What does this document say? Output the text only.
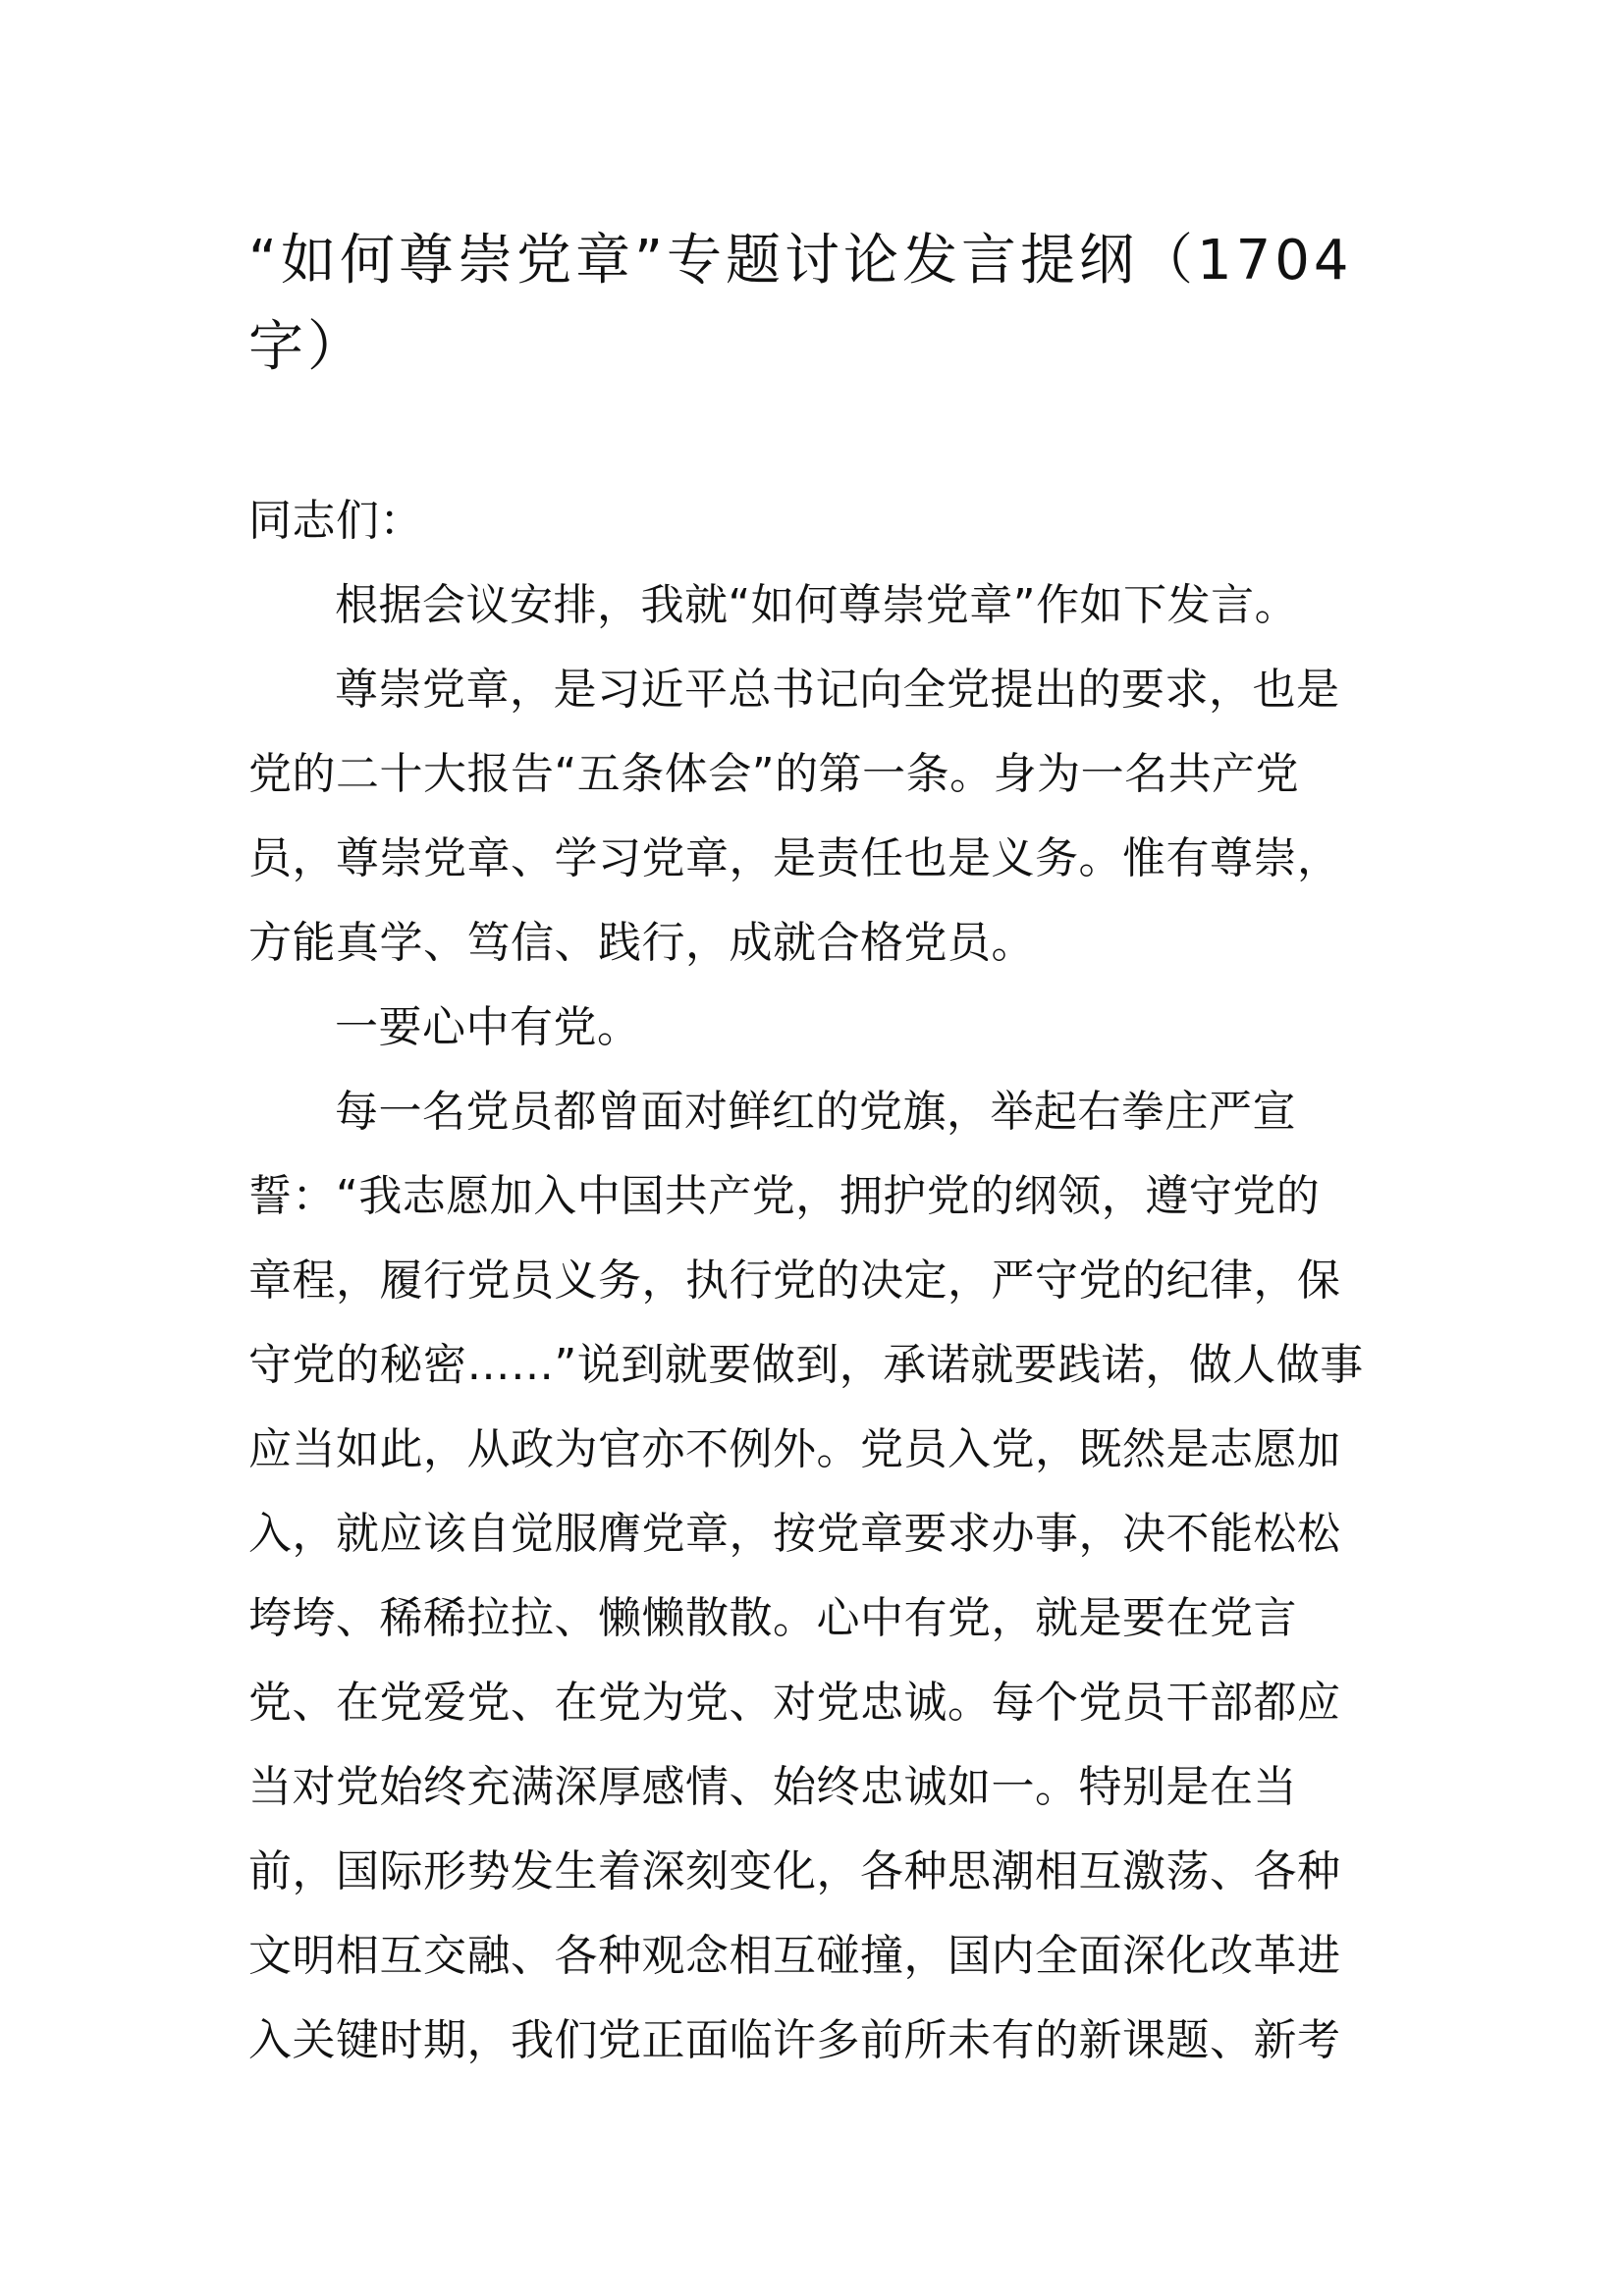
“如何尊崇党章”专题讨论发言提纲（1704
字）
同志们：
根据会议安排，我就“如何尊崇党章”作如下发言。
尊崇党章，是习近平总书记向全党提出的要求，也是
党的二十大报告“五条体会”的第一条。身为一名共产党
员，尊崇党章、学习党章，是责任也是义务。惟有尊崇，
方能真学、笃信、践行，成就合格党员。
一要心中有党。
每一名党员都曾面对鲜红的党旗，举起右拳庄严宣
誓：“我志愿加入中国共产党，拥护党的纲领，遵守党的
章程，履行党员义务，执行党的决定，严守党的纪律，保
守党的秘密……”说到就要做到，承诺就要践诺，做人做事
应当如此，从政为官亦不例外。党员入党，既然是志愿加
入，就应该自觉服膺党章，按党章要求办事，决不能松松
垮垮、稀稀拉拉、懒懒散散。心中有党，就是要在党言
党、在党爱党、在党为党、对党忠诚。每个党员干部都应
当对党始终充满深厚感情、始终忠诚如一。特别是在当
前，国际形势发生着深刻变化，各种思潮相互激荡、各种
文明相互交融、各种观念相互碰撞，国内全面深化改革进
入关键时期，我们党正面临许多前所未有的新课题、新考
